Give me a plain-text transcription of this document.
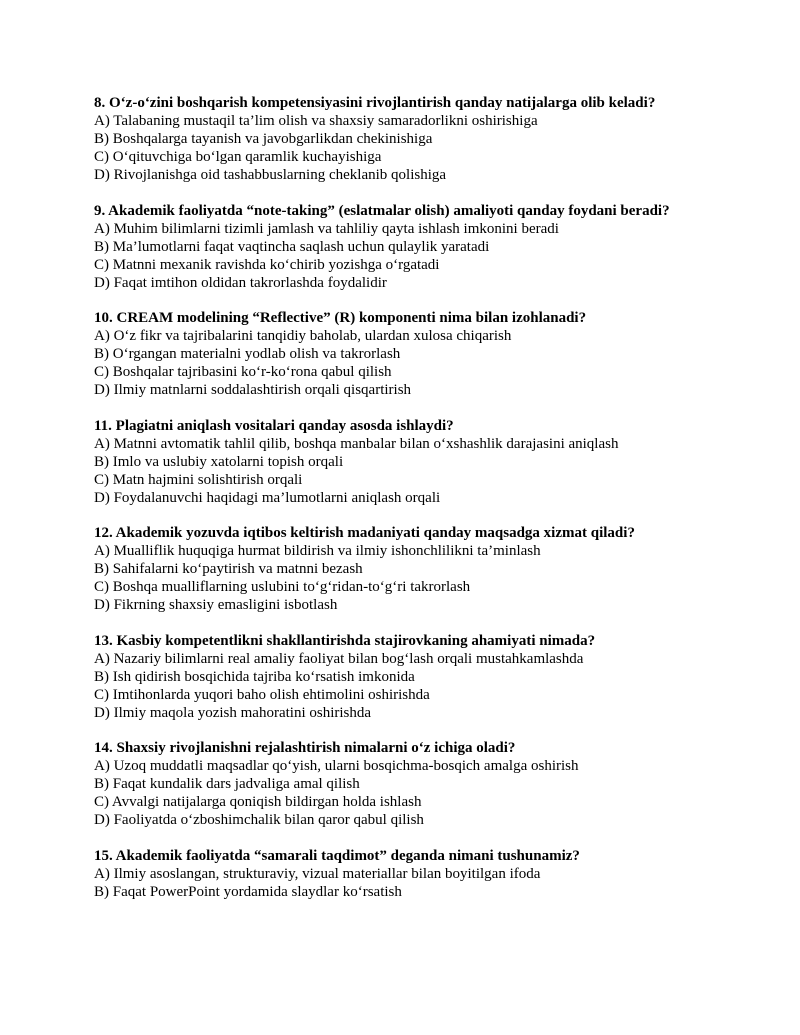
8. O‘z-o‘zini boshqarish kompetensiyasini rivojlantirish qanday natijalarga olib keladi?
A) Talabaning mustaqil ta’lim olish va shaxsiy samaradorlikni oshirishiga
B) Boshqalarga tayanish va javobgarlikdan chekinishiga
C) O‘qituvchiga bo‘lgan qaramlik kuchayishiga
D) Rivojlanishga oid tashabbuslarning cheklanib qolishiga
9. Akademik faoliyatda “note-taking” (eslatmalar olish) amaliyoti qanday foydani beradi?
A) Muhim bilimlarni tizimli jamlash va tahliliy qayta ishlash imkonini beradi
B) Ma’lumotlarni faqat vaqtincha saqlash uchun qulaylik yaratadi
C) Matnni mexanik ravishda ko‘chirib yozishga o‘rgatadi
D) Faqat imtihon oldidan takrorlashda foydalidir
10. CREAM modelining “Reflective” (R) komponenti nima bilan izohlanadi?
A) O‘z fikr va tajribalarini tanqidiy baholab, ulardan xulosa chiqarish
B) O‘rgangan materialni yodlab olish va takrorlash
C) Boshqalar tajribasini ko‘r-ko‘rona qabul qilish
D) Ilmiy matnlarni soddalashtirish orqali qisqartirish
11. Plagiatni aniqlash vositalari qanday asosda ishlaydi?
A) Matnni avtomatik tahlil qilib, boshqa manbalar bilan o‘xshashlik darajasini aniqlash
B) Imlo va uslubiy xatolarni topish orqali
C) Matn hajmini solishtirish orqali
D) Foydalanuvchi haqidagi ma’lumotlarni aniqlash orqali
12. Akademik yozuvda iqtibos keltirish madaniyati qanday maqsadga xizmat qiladi?
A) Mualliflik huquqiga hurmat bildirish va ilmiy ishonchlilikni ta’minlash
B) Sahifalarni ko‘paytirish va matnni bezash
C) Boshqa mualliflarning uslubini to‘g‘ridan-to‘g‘ri takrorlash
D) Fikrning shaxsiy emasligini isbotlash
13. Kasbiy kompetentlikni shakllantirishda stajirovkaning ahamiyati nimada?
A) Nazariy bilimlarni real amaliy faoliyat bilan bog‘lash orqali mustahkamlashda
B) Ish qidirish bosqichida tajriba ko‘rsatish imkonida
C) Imtihonlarda yuqori baho olish ehtimolini oshirishda
D) Ilmiy maqola yozish mahoratini oshirishda
14. Shaxsiy rivojlanishni rejalashtirish nimalarni o‘z ichiga oladi?
A) Uzoq muddatli maqsadlar qo‘yish, ularni bosqichma-bosqich amalga oshirish
B) Faqat kundalik dars jadvaliga amal qilish
C) Avvalgi natijalarga qoniqish bildirgan holda ishlash
D) Faoliyatda o‘zboshimchalik bilan qaror qabul qilish
15. Akademik faoliyatda “samarali taqdimot” deganda nimani tushunamiz?
A) Ilmiy asoslangan, strukturaviy, vizual materiallar bilan boyitilgan ifoda
B) Faqat PowerPoint yordamida slaydlar ko‘rsatish
